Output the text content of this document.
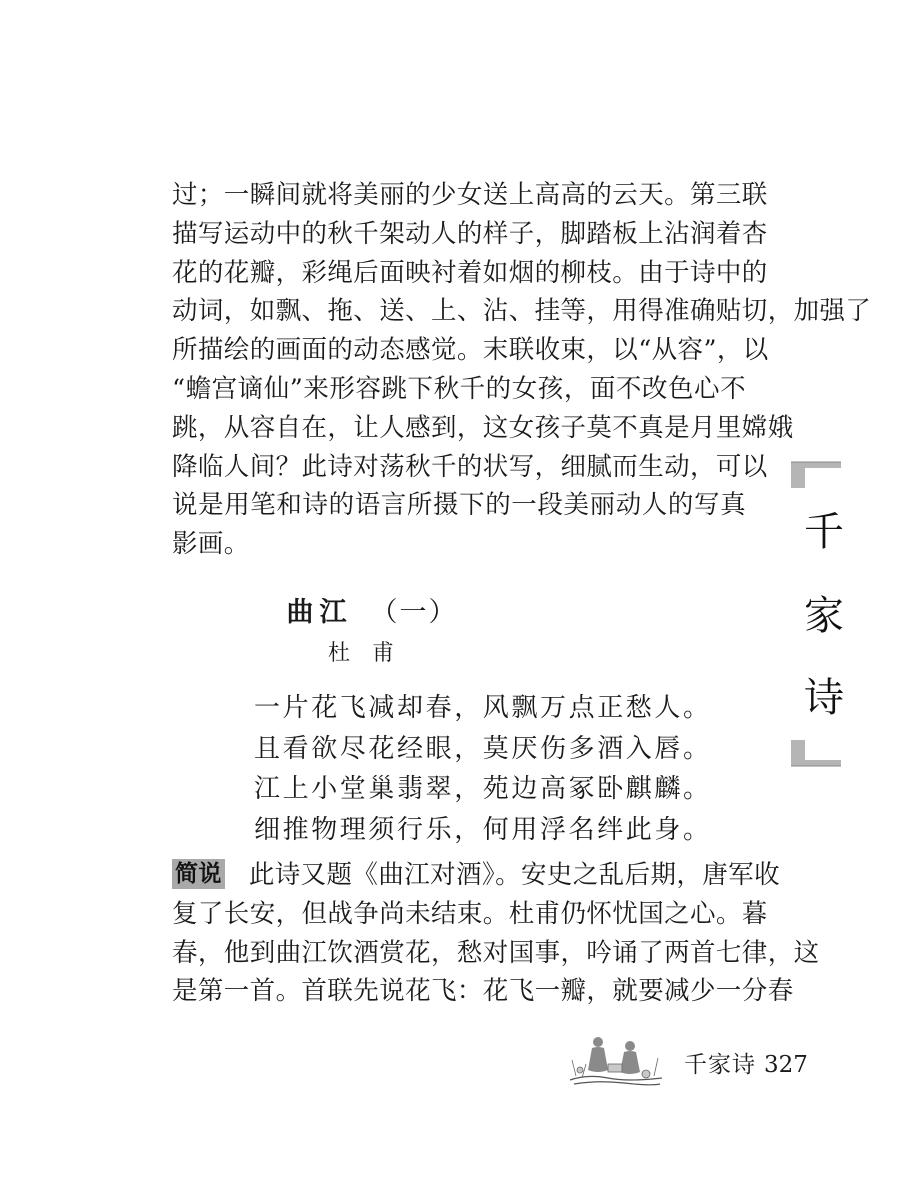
过；一瞬间就将美丽的少女送上高高的云天。第三联
描写运动中的秋千架动人的样子，脚踏板上沾润着杏
花的花瓣，彩绳后面映衬着如烟的柳枝。由于诗中的
动词，如飘、拖、送、上、沾、挂等，用得准确贴切，加强了
所描绘的画面的动态感觉。末联收束，以“从容”，以
“蟾宫谪仙”来形容跳下秋千的女孩，面不改色心不
跳，从容自在，让人感到，这女孩子莫不真是月里嫦娥
降临人间？此诗对荡秋千的状写，细腻而生动，可以
说是用笔和诗的语言所摄下的一段美丽动人的写真
影画。

曲江 （一）
杜甫
一片花飞减却春，风飘万点正愁人。
且看欲尽花经眼，莫厌伤多酒入唇。
江上小堂巢翡翠，苑边高冢卧麒麟。
细推物理须行乐，何用浮名绊此身。

简说 此诗又题《曲江对酒》。安史之乱后期，唐军收
复了长安，但战争尚未结束。杜甫仍怀忧国之心。暮
春，他到曲江饮酒赏花，愁对国事，吟诵了两首七律，这
是第一首。首联先说花飞：花飞一瓣，就要减少一分春

千
家
诗
千家诗 327
